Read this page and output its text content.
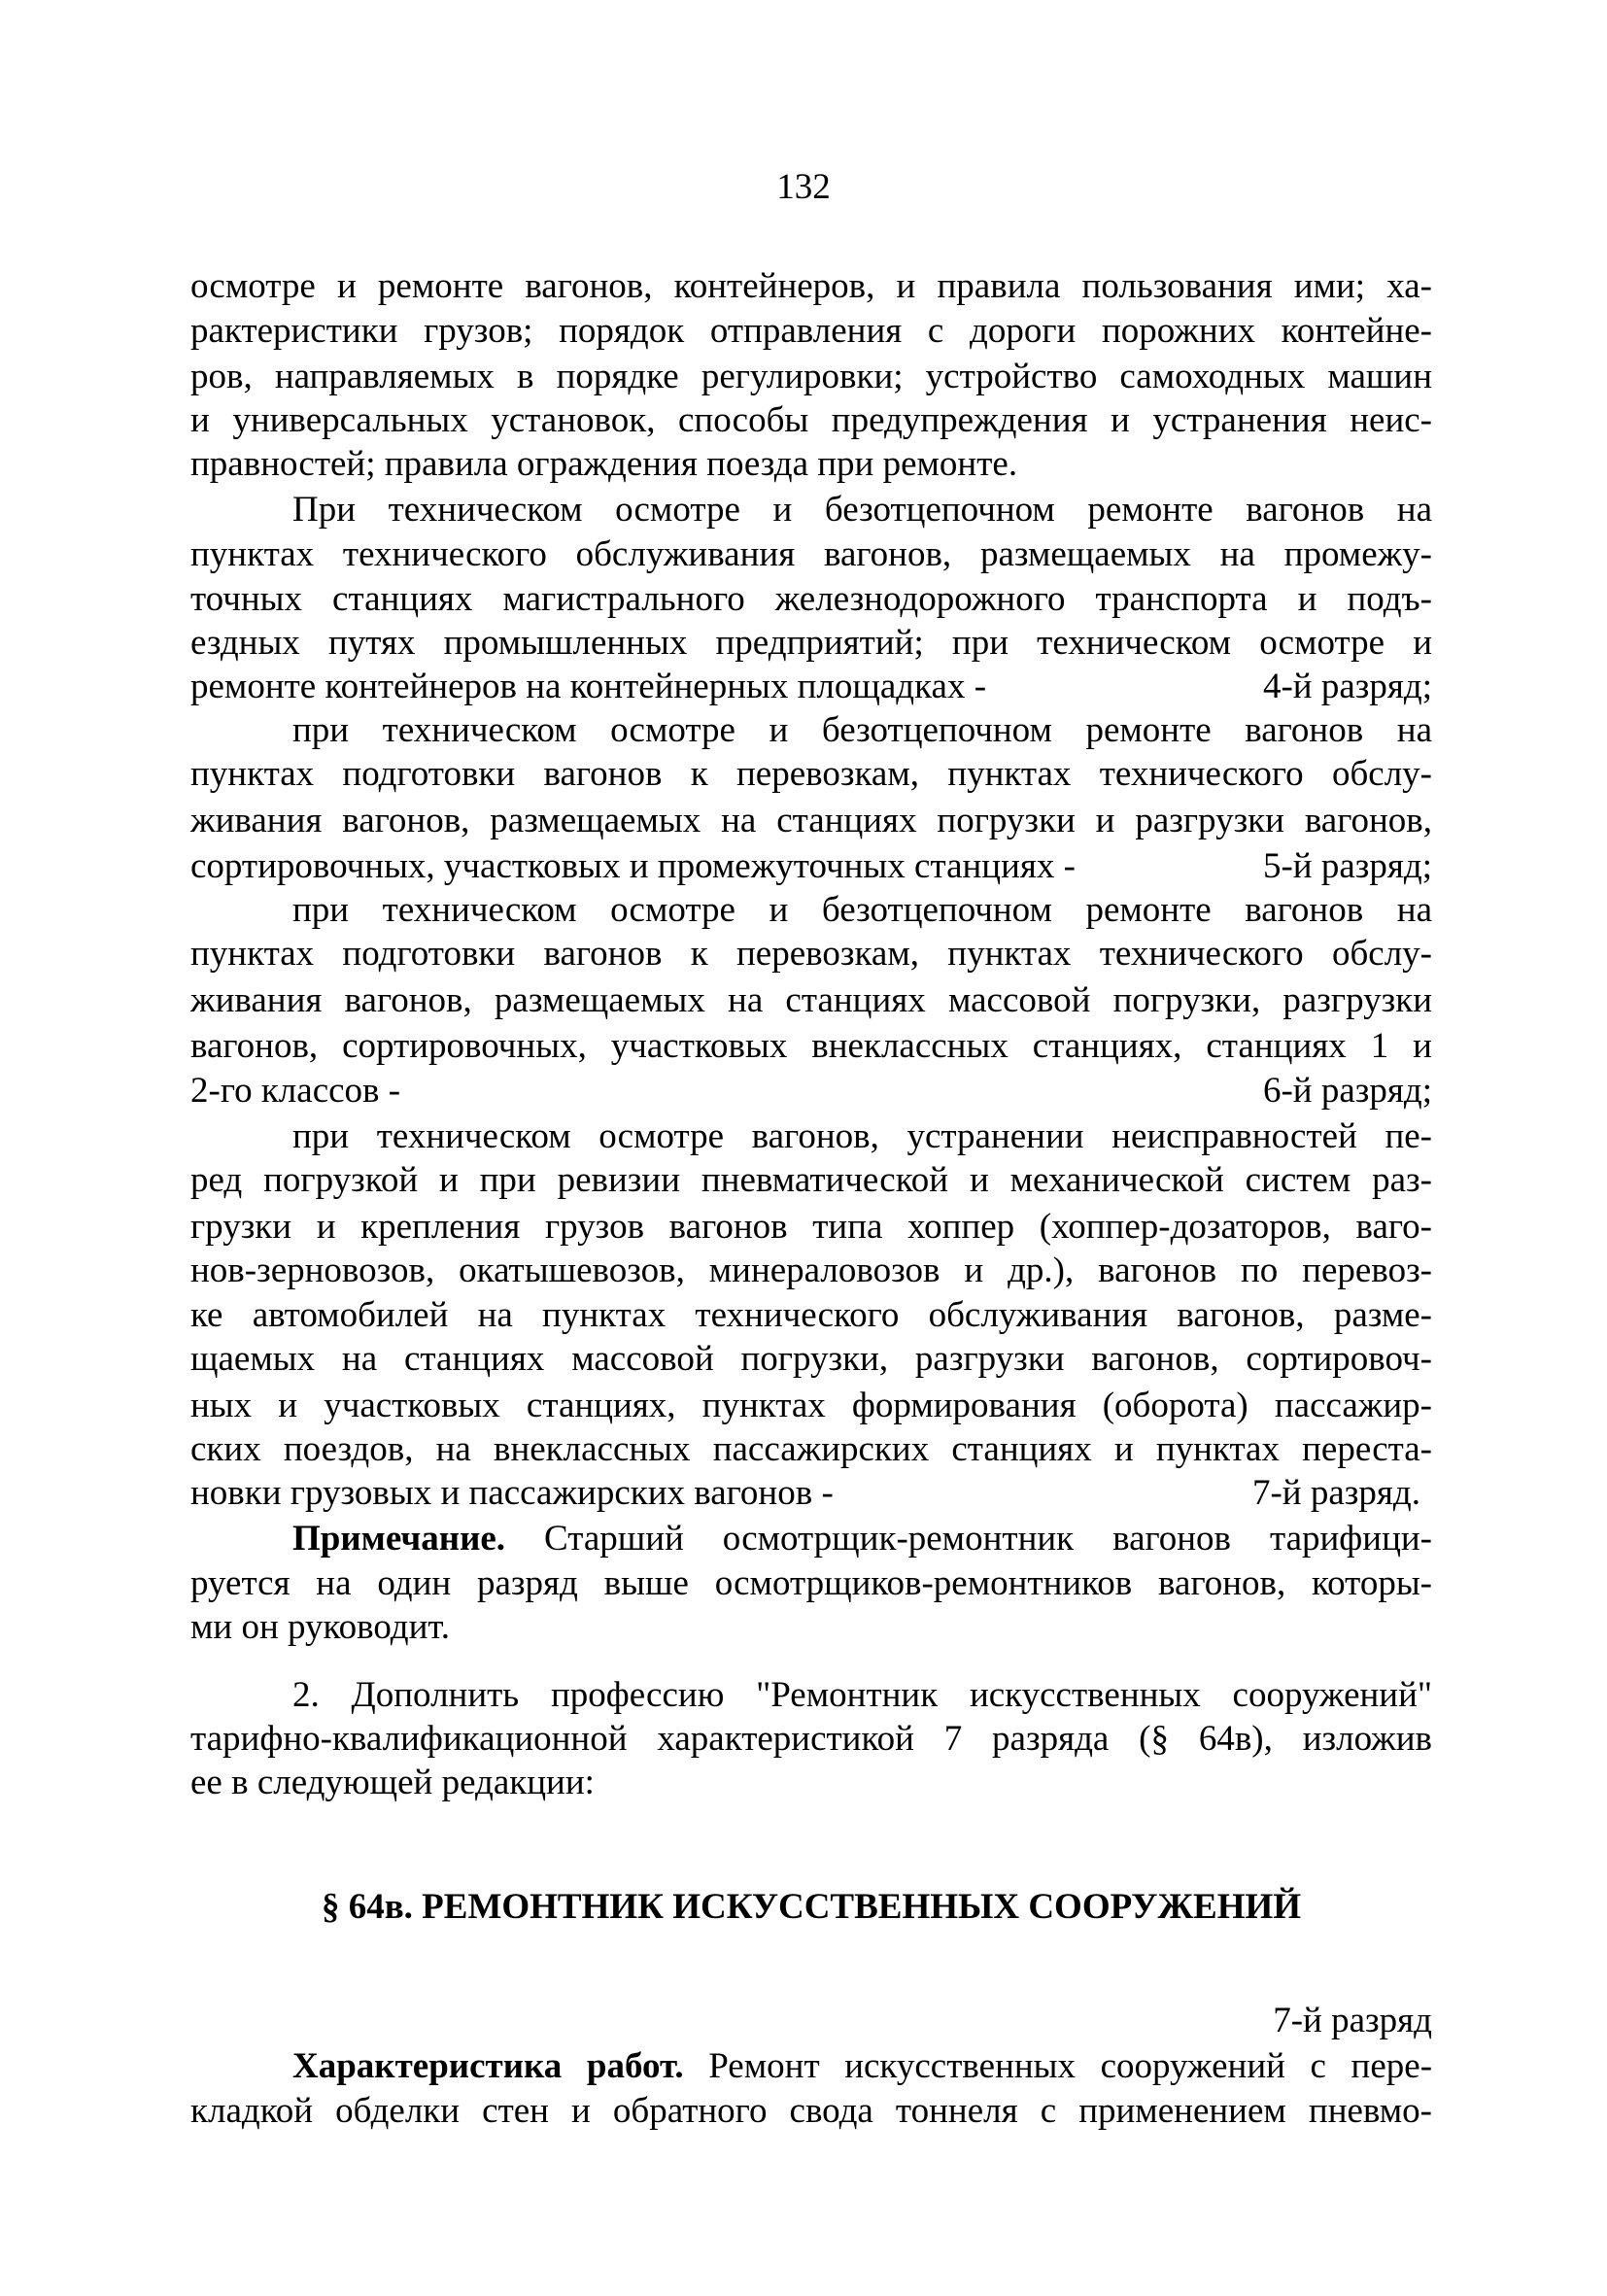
132
осмотре и ремонте вагонов, контейнеров, и правила пользования ими; ха-
рактеристики грузов; порядок отправления с дороги порожних контейне-
ров, направляемых в порядке регулировки; устройство самоходных машин
и универсальных установок, способы предупреждения и устранения неис-
правностей; правила ограждения поезда при ремонте.
При техническом осмотре и безотцепочном ремонте вагонов на
пунктах технического обслуживания вагонов, размещаемых на промежу-
точных станциях магистрального железнодорожного транспорта и подъ-
ездных путях промышленных предприятий; при техническом осмотре и
ремонте контейнеров на контейнерных площадках -	4-й разряд;
при техническом осмотре и безотцепочном ремонте вагонов на
пунктах подготовки вагонов к перевозкам, пунктах технического обслу-
живания вагонов, размещаемых на станциях погрузки и разгрузки вагонов,
сортировочных, участковых и промежуточных станциях -	5-й разряд;
при техническом осмотре и безотцепочном ремонте вагонов на
пунктах подготовки вагонов к перевозкам, пунктах технического обслу-
живания вагонов, размещаемых на станциях массовой погрузки, разгрузки
вагонов, сортировочных, участковых внеклассных станциях, станциях 1 и
2-го классов -	6-й разряд;
при техническом осмотре вагонов, устранении неисправностей пе-
ред погрузкой и при ревизии пневматической и механической систем раз-
грузки и крепления грузов вагонов типа хоппер (хоппер-дозаторов, ваго-
нов-зерновозов, окатышевозов, минераловозов и др.), вагонов по перевоз-
ке автомобилей на пунктах технического обслуживания вагонов, разме-
щаемых на станциях массовой погрузки, разгрузки вагонов, сортировоч-
ных и участковых станциях, пунктах формирования (оборота) пассажир-
ских поездов, на внеклассных пассажирских станциях и пунктах переста-
новки грузовых и пассажирских вагонов -	7-й разряд.
Примечание. Старший осмотрщик-ремонтник вагонов тарифици-
руется на один разряд выше осмотрщиков-ремонтников вагонов, которы-
ми он руководит.
2. Дополнить профессию "Ремонтник искусственных сооружений"
тарифно-квалификационной характеристикой 7 разряда (§ 64в), изложив
ее в следующей редакции:
§ 64в. РЕМОНТНИК ИСКУССТВЕННЫХ СООРУЖЕНИЙ
7-й разряд
Характеристика работ. Ремонт искусственных сооружений с пере-
кладкой обделки стен и обратного свода тоннеля с применением пневмо-
